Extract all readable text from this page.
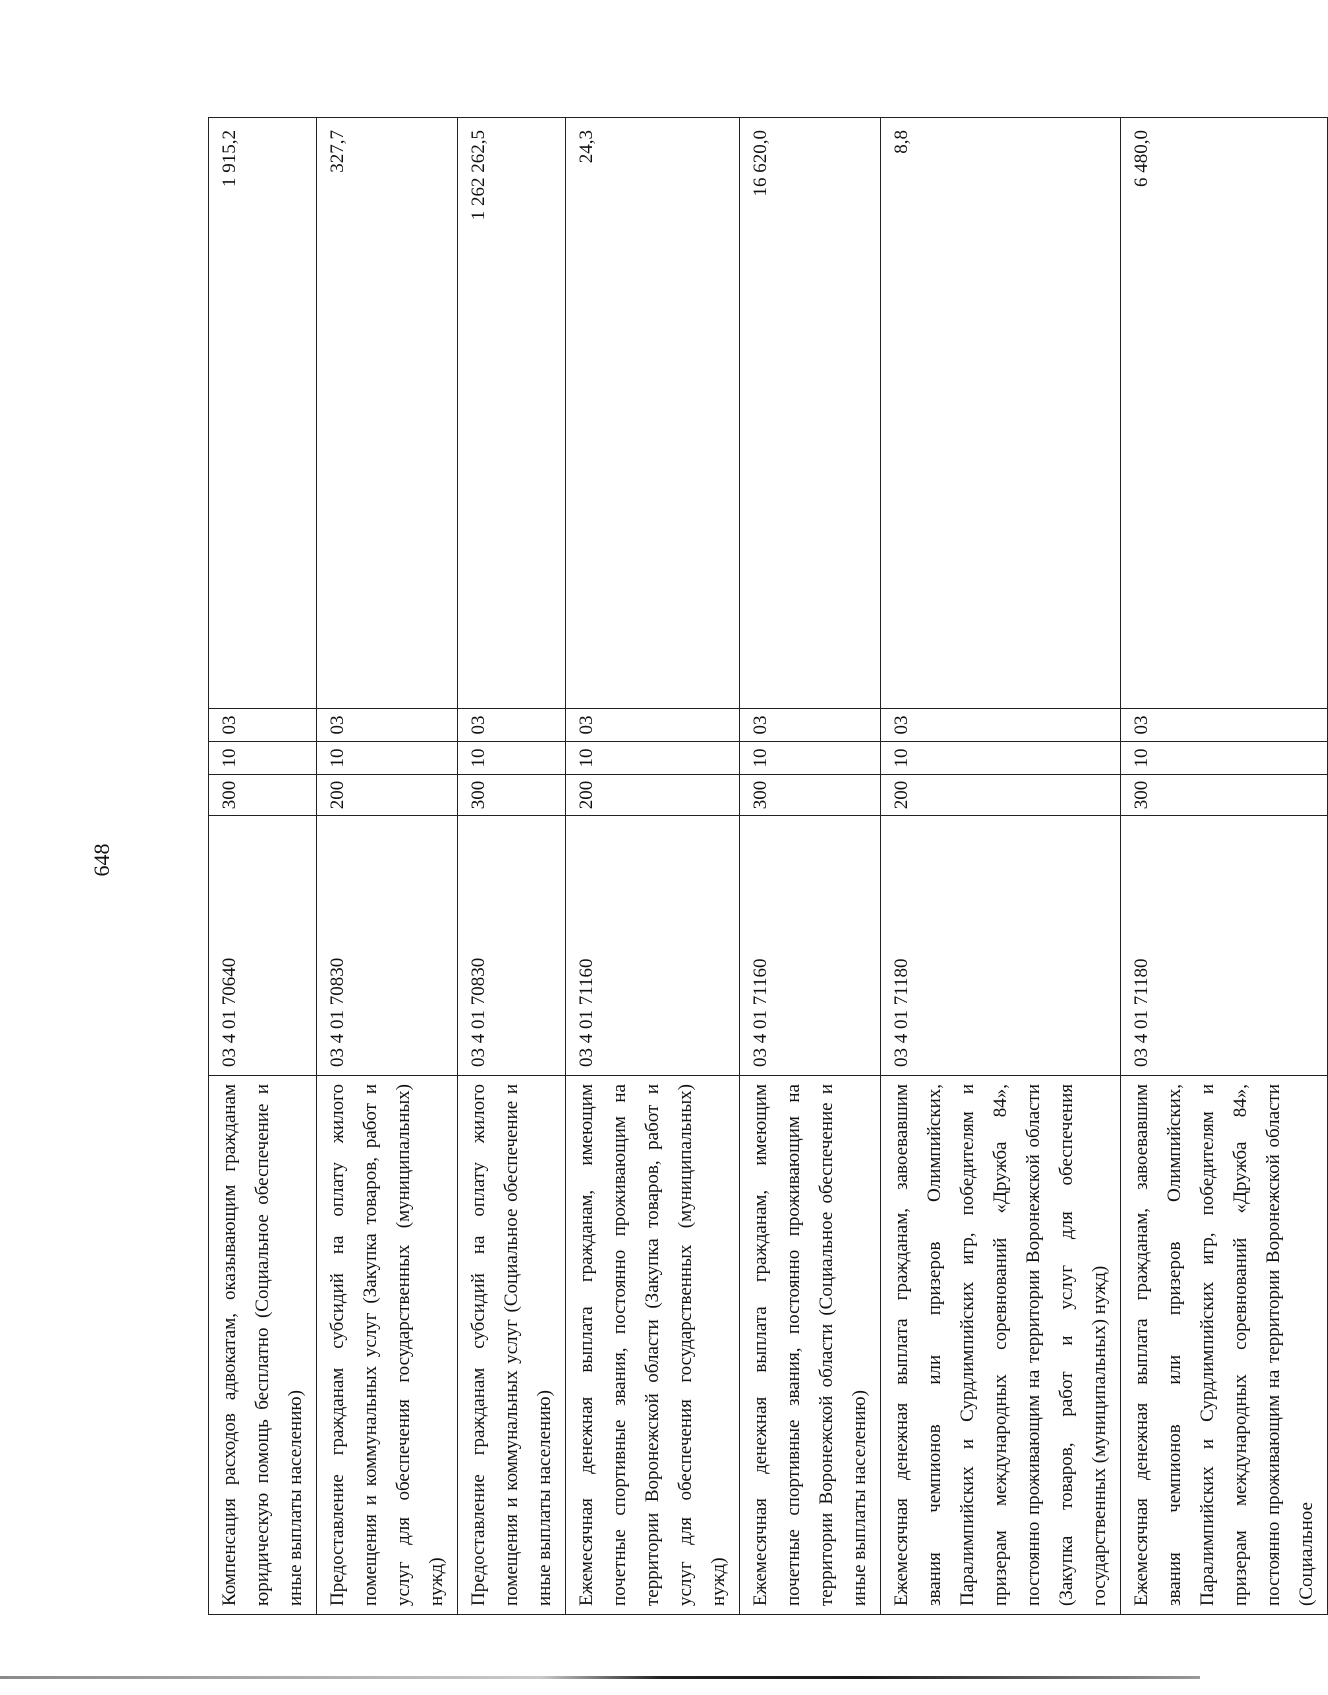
648
Компенсация расходов адвокатам, оказывающим гражданам юридическую помощь бесплатно (Социальное обеспечение и иные выплаты населению)	03 4 01 70640	300	10	03	1 915,2
Предоставление гражданам субсидий на оплату жилого помещения и коммунальных услуг (Закупка товаров, работ и услуг для обеспечения государственных (муниципальных) нужд)	03 4 01 70830	200	10	03	327,7
Предоставление гражданам субсидий на оплату жилого помещения и коммунальных услуг (Социальное обеспечение и иные выплаты населению)	03 4 01 70830	300	10	03	1 262 262,5
Ежемесячная денежная выплата гражданам, имеющим почетные спортивные звания, постоянно проживающим на территории Воронежской области (Закупка товаров, работ и услуг для обеспечения государственных (муниципальных) нужд)	03 4 01 71160	200	10	03	24,3
Ежемесячная денежная выплата гражданам, имеющим почетные спортивные звания, постоянно проживающим на территории Воронежской области (Социальное обеспечение и иные выплаты населению)	03 4 01 71160	300	10	03	16 620,0
Ежемесячная денежная выплата гражданам, завоевавшим звания чемпионов или призеров Олимпийских, Паралимпийских и Сурдлимпийских игр, победителям и призерам международных соревнований «Дружба 84», постоянно проживающим на территории Воронежской области (Закупка товаров, работ и услуг для обеспечения государственных (муниципальных) нужд)	03 4 01 71180	200	10	03	8,8
Ежемесячная денежная выплата гражданам, завоевавшим звания чемпионов или призеров Олимпийских, Паралимпийских и Сурдлимпийских игр, победителям и призерам международных соревнований «Дружба 84», постоянно проживающим на территории Воронежской области (Социальное	03 4 01 71180	300	10	03	6 480,0
